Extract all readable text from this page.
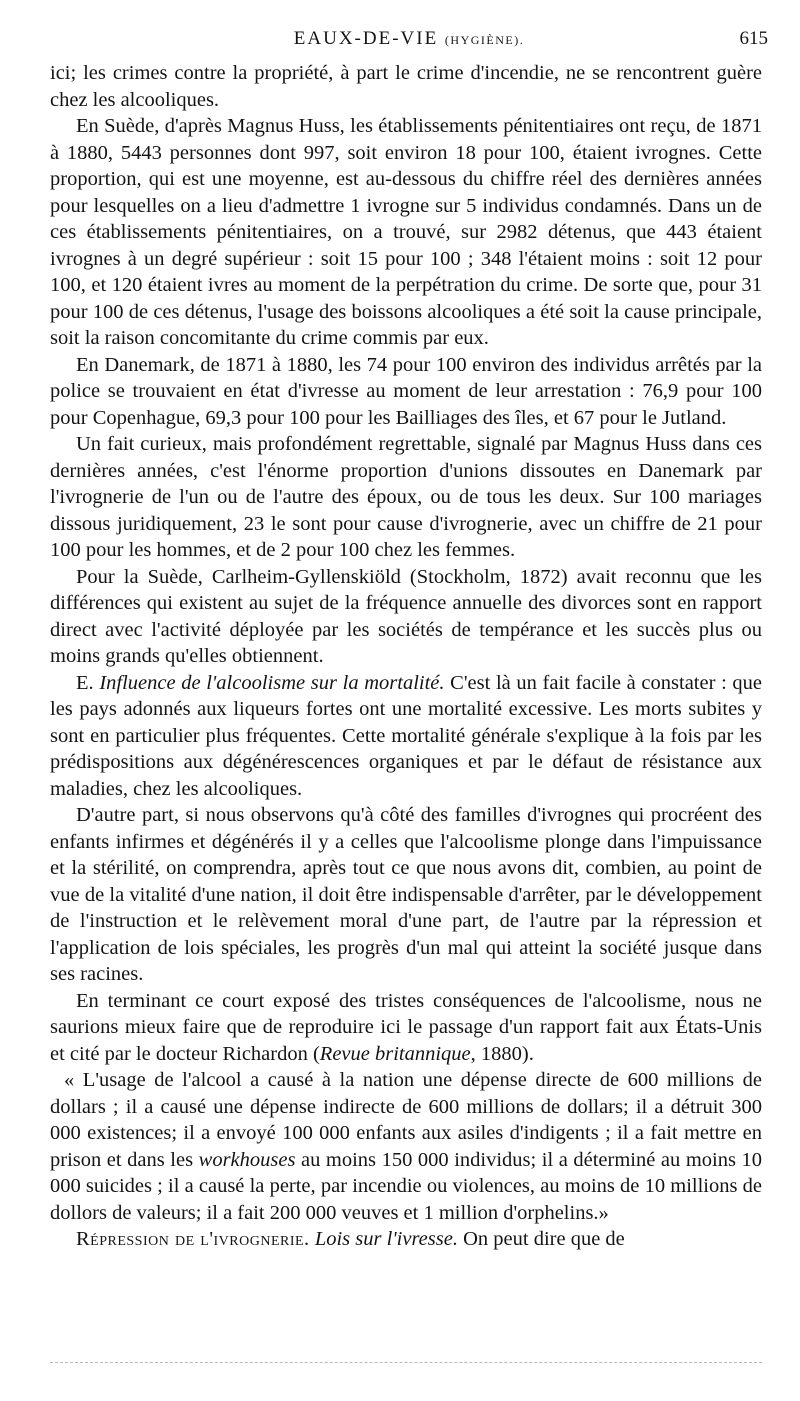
EAUX-DE-VIE (HYGIÈNE).	615

ici; les crimes contre la propriété, à part le crime d'incendie, ne se rencontrent guère chez les alcooliques.

En Suède, d'après Magnus Huss, les établissements pénitentiaires ont reçu, de 1871 à 1880, 5443 personnes dont 997, soit environ 18 pour 100, étaient ivrognes. Cette proportion, qui est une moyenne, est au-dessous du chiffre réel des dernières années pour lesquelles on a lieu d'admettre 1 ivrogne sur 5 individus condamnés. Dans un de ces établissements pénitentiaires, on a trouvé, sur 2982 détenus, que 443 étaient ivrognes à un degré supérieur : soit 15 pour 100 ; 348 l'étaient moins : soit 12 pour 100, et 120 étaient ivres au moment de la perpétration du crime. De sorte que, pour 31 pour 100 de ces détenus, l'usage des boissons alcooliques a été soit la cause principale, soit la raison concomitante du crime commis par eux.

En Danemark, de 1871 à 1880, les 74 pour 100 environ des individus arrêtés par la police se trouvaient en état d'ivresse au moment de leur arrestation : 76,9 pour 100 pour Copenhague, 69,3 pour 100 pour les Bailliages des îles, et 67 pour le Jutland.

Un fait curieux, mais profondément regrettable, signalé par Magnus Huss dans ces dernières années, c'est l'énorme proportion d'unions dissoutes en Danemark par l'ivrognerie de l'un ou de l'autre des époux, ou de tous les deux. Sur 100 mariages dissous juridiquement, 23 le sont pour cause d'ivrognerie, avec un chiffre de 21 pour 100 pour les hommes, et de 2 pour 100 chez les femmes.

Pour la Suède, Carlheim-Gyllenskiöld (Stockholm, 1872) avait reconnu que les différences qui existent au sujet de la fréquence annuelle des divorces sont en rapport direct avec l'activité déployée par les sociétés de tempérance et les succès plus ou moins grands qu'elles obtiennent.

E. Influence de l'alcoolisme sur la mortalité. C'est là un fait facile à constater : que les pays adonnés aux liqueurs fortes ont une mortalité excessive. Les morts subites y sont en particulier plus fréquentes. Cette mortalité générale s'explique à la fois par les prédispositions aux dégénérescences organiques et par le défaut de résistance aux maladies, chez les alcooliques.

D'autre part, si nous observons qu'à côté des familles d'ivrognes qui procréent des enfants infirmes et dégénérés il y a celles que l'alcoolisme plonge dans l'impuissance et la stérilité, on comprendra, après tout ce que nous avons dit, combien, au point de vue de la vitalité d'une nation, il doit être indispensable d'arrêter, par le développement de l'instruction et le relèvement moral d'une part, de l'autre par la répression et l'application de lois spéciales, les progrès d'un mal qui atteint la société jusque dans ses racines.

En terminant ce court exposé des tristes conséquences de l'alcoolisme, nous ne saurions mieux faire que de reproduire ici le passage d'un rapport fait aux États-Unis et cité par le docteur Richardon (Revue britannique, 1880).

« L'usage de l'alcool a causé à la nation une dépense directe de 600 millions de dollars ; il a causé une dépense indirecte de 600 millions de dollars; il a détruit 300 000 existences; il a envoyé 100 000 enfants aux asiles d'indigents ; il a fait mettre en prison et dans les workhouses au moins 150 000 individus; il a déterminé au moins 10 000 suicides ; il a causé la perte, par incendie ou violences, au moins de 10 millions de dollors de valeurs; il a fait 200 000 veuves et 1 million d'orphelins.»

Répression de l'ivrognerie. Lois sur l'ivresse. On peut dire que de
